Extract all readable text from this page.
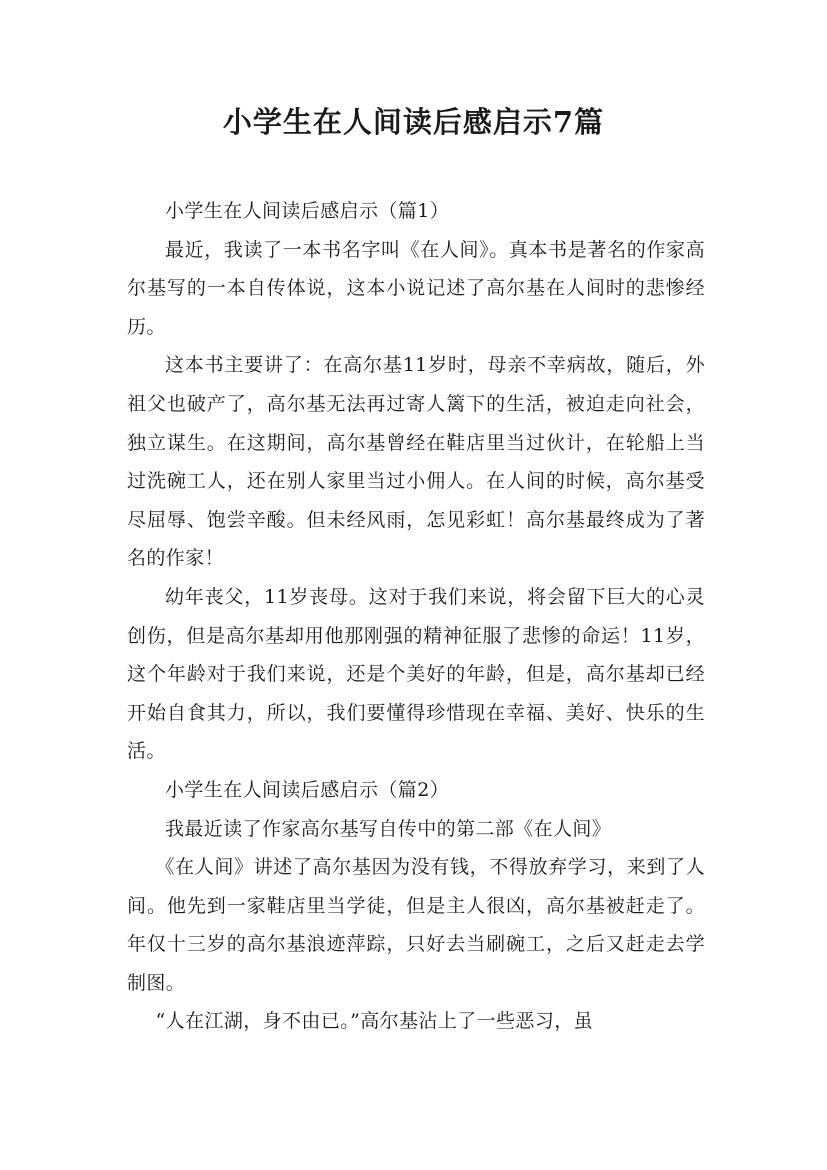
小学生在人间读后感启示7篇

小学生在人间读后感启示（篇1）

最近，我读了一本书名字叫《在人间》。真本书是著名的作家高尔基写的一本自传体说，这本小说记述了高尔基在人间时的悲惨经历。

这本书主要讲了：在高尔基11岁时，母亲不幸病故，随后，外祖父也破产了，高尔基无法再过寄人篱下的生活，被迫走向社会，独立谋生。在这期间，高尔基曾经在鞋店里当过伙计，在轮船上当过洗碗工人，还在别人家里当过小佣人。在人间的时候，高尔基受尽屈辱、饱尝辛酸。但未经风雨，怎见彩虹！高尔基最终成为了著名的作家！

幼年丧父，11岁丧母。这对于我们来说，将会留下巨大的心灵创伤，但是高尔基却用他那刚强的精神征服了悲惨的命运！11岁，这个年龄对于我们来说，还是个美好的年龄，但是，高尔基却已经开始自食其力，所以，我们要懂得珍惜现在幸福、美好、快乐的生活。

小学生在人间读后感启示（篇2）

我最近读了作家高尔基写自传中的第二部《在人间》

《在人间》讲述了高尔基因为没有钱，不得放弃学习，来到了人间。他先到一家鞋店里当学徒，但是主人很凶，高尔基被赶走了。年仅十三岁的高尔基浪迹萍踪，只好去当刷碗工，之后又赶走去学制图。

“人在江湖，身不由已。”高尔基沾上了一些恶习，虽
